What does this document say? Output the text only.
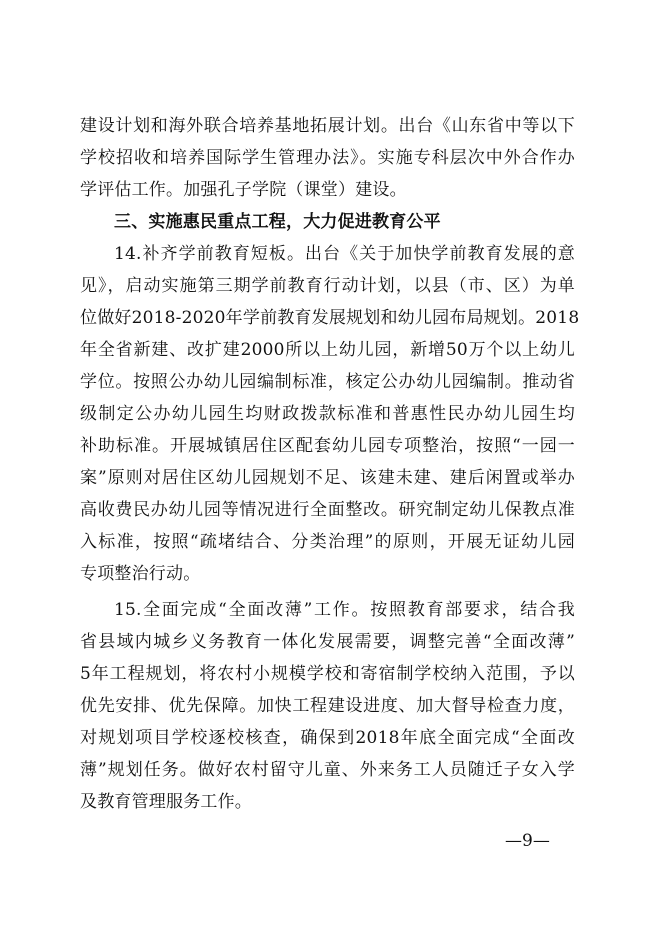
建设计划和海外联合培养基地拓展计划。出台《山东省中等以下
学校招收和培养国际学生管理办法》。实施专科层次中外合作办
学评估工作。加强孔子学院（课堂）建设。
三、实施惠民重点工程，大力促进教育公平
14.补齐学前教育短板。出台《关于加快学前教育发展的意
见》，启动实施第三期学前教育行动计划，以县（市、区）为单
位做好2018-2020年学前教育发展规划和幼儿园布局规划。2018
年全省新建、改扩建2000所以上幼儿园，新增50万个以上幼儿
学位。按照公办幼儿园编制标准，核定公办幼儿园编制。推动省
级制定公办幼儿园生均财政拨款标准和普惠性民办幼儿园生均
补助标准。开展城镇居住区配套幼儿园专项整治，按照“一园一
案”原则对居住区幼儿园规划不足、该建未建、建后闲置或举办
高收费民办幼儿园等情况进行全面整改。研究制定幼儿保教点准
入标准，按照“疏堵结合、分类治理”的原则，开展无证幼儿园
专项整治行动。
15.全面完成“全面改薄”工作。按照教育部要求，结合我
省县域内城乡义务教育一体化发展需要，调整完善“全面改薄”
5年工程规划，将农村小规模学校和寄宿制学校纳入范围，予以
优先安排、优先保障。加快工程建设进度、加大督导检查力度，
对规划项目学校逐校核查，确保到2018年底全面完成“全面改
薄”规划任务。做好农村留守儿童、外来务工人员随迁子女入学
及教育管理服务工作。
—9—
